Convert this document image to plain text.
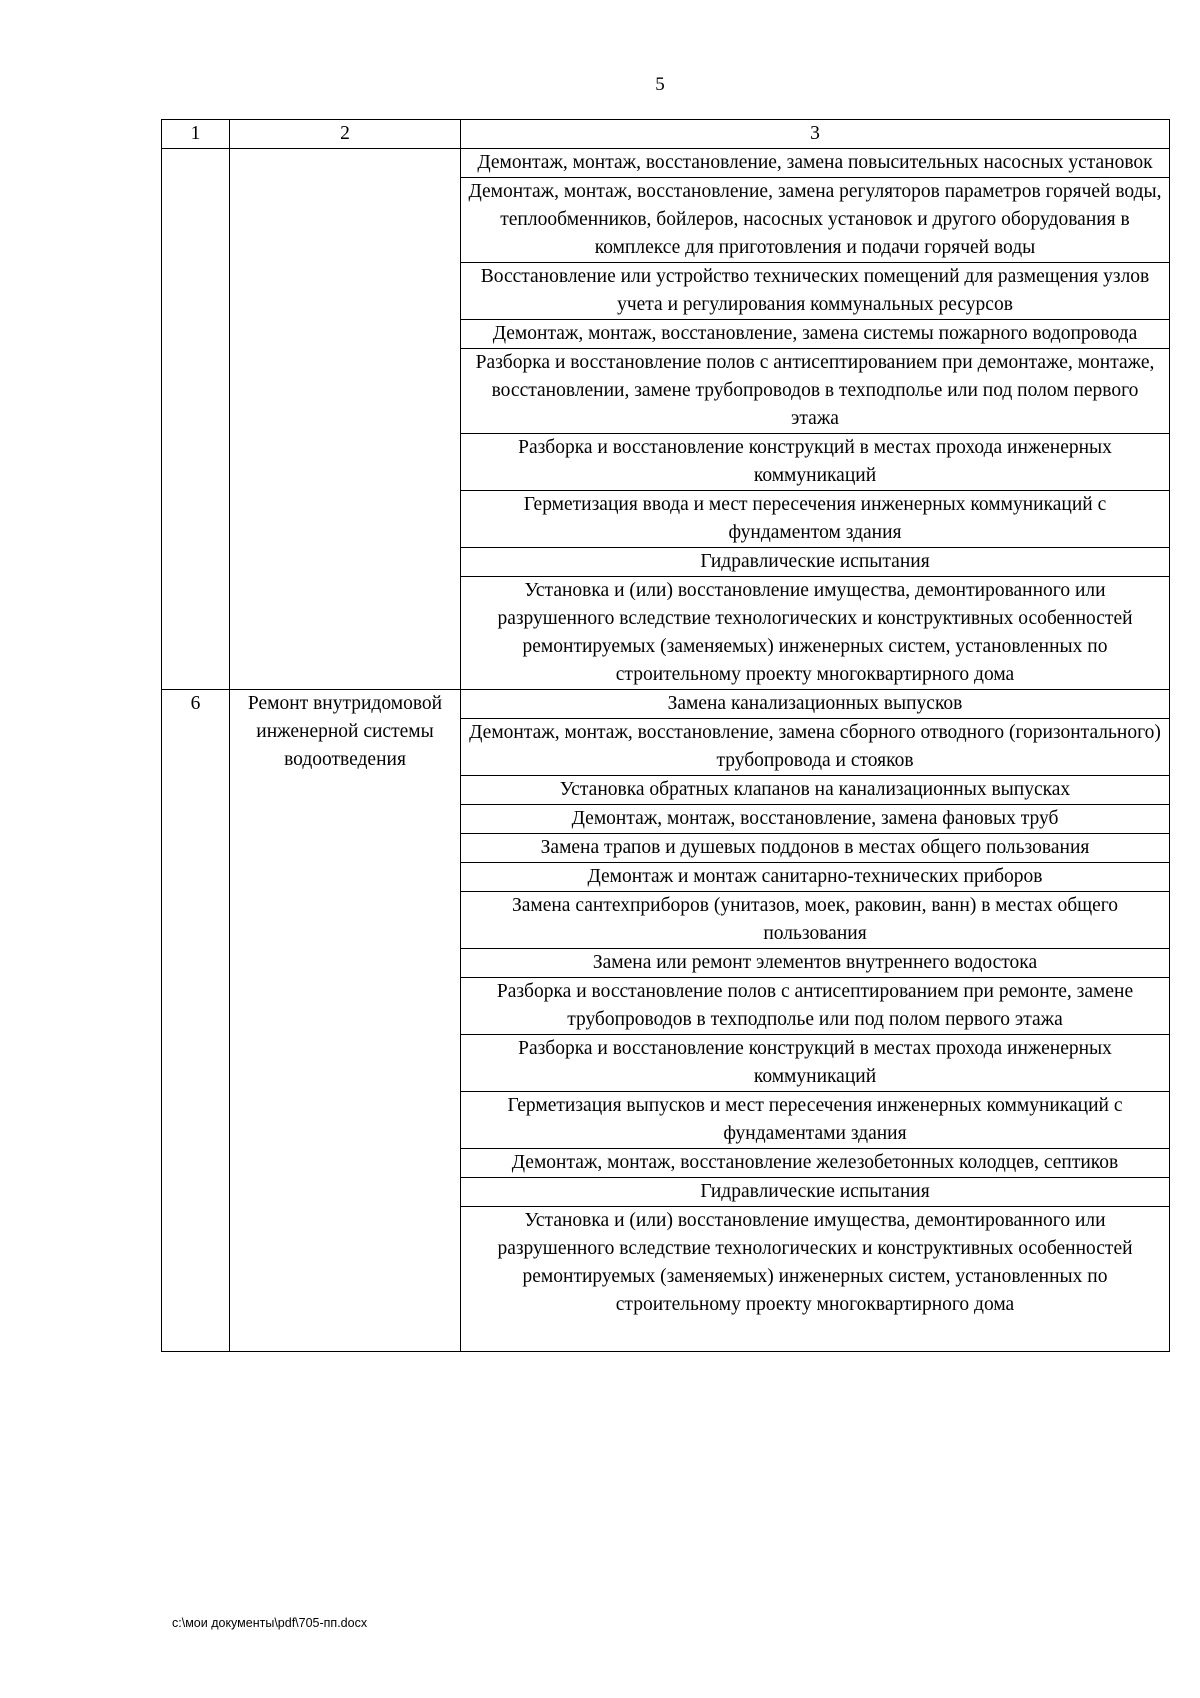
5
1	2	3
		Демонтаж, монтаж, восстановление, замена повысительных насосных установок
		Демонтаж, монтаж, восстановление, замена регуляторов параметров горячей воды, теплообменников, бойлеров, насосных установок и другого оборудования в комплексе для приготовления и подачи горячей воды
		Восстановление или устройство технических помещений для размещения узлов учета и регулирования коммунальных ресурсов
		Демонтаж, монтаж, восстановление, замена системы пожарного водопровода
		Разборка и восстановление полов с антисептированием при демонтаже, монтаже, восстановлении, замене трубопроводов в техподполье или под полом первого этажа
		Разборка и восстановление конструкций в местах прохода инженерных коммуникаций
		Герметизация ввода и мест пересечения инженерных коммуникаций с фундаментом здания
		Гидравлические испытания
		Установка и (или) восстановление имущества, демонтированного или разрушенного вследствие технологических и конструктивных особенностей ремонтируемых (заменяемых) инженерных систем, установленных по строительному проекту многоквартирного дома
6	Ремонт внутридомовой инженерной системы водоотведения	Замена канализационных выпусков
		Демонтаж, монтаж, восстановление, замена сборного отводного (горизонтального) трубопровода и стояков
		Установка обратных клапанов на канализационных выпусках
		Демонтаж, монтаж, восстановление, замена фановых труб
		Замена трапов и душевых поддонов в местах общего пользования
		Демонтаж и монтаж санитарно-технических приборов
		Замена сантехприборов (унитазов, моек, раковин, ванн) в местах общего пользования
		Замена или ремонт элементов внутреннего водостока
		Разборка и восстановление полов с антисептированием при ремонте, замене трубопроводов в техподполье или под полом первого этажа
		Разборка и восстановление конструкций в местах прохода инженерных коммуникаций
		Герметизация выпусков и мест пересечения инженерных коммуникаций с фундаментами здания
		Демонтаж, монтаж, восстановление железобетонных колодцев, септиков
		Гидравлические испытания
		Установка и (или) восстановление имущества, демонтированного или разрушенного вследствие технологических и конструктивных особенностей ремонтируемых (заменяемых) инженерных систем, установленных по строительному проекту многоквартирного дома
c:\мои документы\pdf\705-пп.docx
